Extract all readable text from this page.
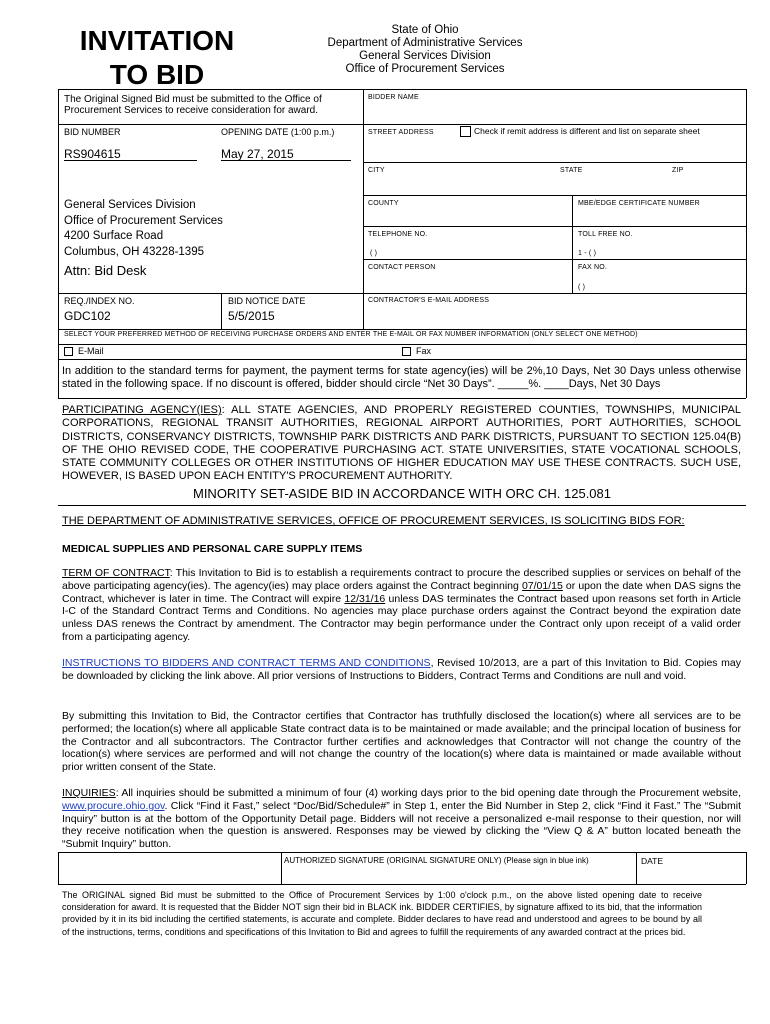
INVITATION
TO BID
State of Ohio
Department of Administrative Services
General Services Division
Office of Procurement Services
The Original Signed Bid must be submitted to the Office of Procurement Services to receive consideration for award.
BID NUMBER	OPENING DATE (1:00 p.m.)
RS904615	May 27, 2015
General Services Division
Office of Procurement Services
4200 Surface Road
Columbus, OH 43228-1395
Attn: Bid Desk
REQ./INDEX NO.	BID NOTICE DATE
GDC102	5/5/2015
BIDDER NAME
STREET ADDRESS	Check if remit address is different and list on separate sheet
CITY	STATE	ZIP
COUNTY	MBE/EDGE CERTIFICATE NUMBER
TELEPHONE NO.
( )
TOLL FREE NO.
1 - ( )
CONTACT PERSON	FAX NO.
( )
CONTRACTOR'S E-MAIL ADDRESS
SELECT YOUR PREFERRED METHOD OF RECEIVING PURCHASE ORDERS AND ENTER THE E-MAIL OR FAX NUMBER INFORMATION (ONLY SELECT ONE METHOD)
E-Mail	Fax
In addition to the standard terms for payment, the payment terms for state agency(ies) will be 2%,10 Days, Net 30 Days unless otherwise stated in the following space. If no discount is offered, bidder should circle “Net 30 Days”. _____%. ____Days, Net 30 Days
PARTICIPATING AGENCY(IES): ALL STATE AGENCIES, AND PROPERLY REGISTERED COUNTIES, TOWNSHIPS, MUNICIPAL CORPORATIONS, REGIONAL TRANSIT AUTHORITIES, REGIONAL AIRPORT AUTHORITIES, PORT AUTHORITIES, SCHOOL DISTRICTS, CONSERVANCY DISTRICTS, TOWNSHIP PARK DISTRICTS AND PARK DISTRICTS, PURSUANT TO SECTION 125.04(B) OF THE OHIO REVISED CODE, THE COOPERATIVE PURCHASING ACT. STATE UNIVERSITIES, STATE VOCATIONAL SCHOOLS, STATE COMMUNITY COLLEGES OR OTHER INSTITUTIONS OF HIGHER EDUCATION MAY USE THESE CONTRACTS. SUCH USE, HOWEVER, IS BASED UPON EACH ENTITY'S PROCUREMENT AUTHORITY.
MINORITY SET-ASIDE BID IN ACCORDANCE WITH ORC CH. 125.081
THE DEPARTMENT OF ADMINISTRATIVE SERVICES, OFFICE OF PROCUREMENT SERVICES, IS SOLICITING BIDS FOR:
MEDICAL SUPPLIES AND PERSONAL CARE SUPPLY ITEMS
TERM OF CONTRACT: This Invitation to Bid is to establish a requirements contract to procure the described supplies or services on behalf of the above participating agency(ies). The agency(ies) may place orders against the Contract beginning 07/01/15 or upon the date when DAS signs the Contract, whichever is later in time. The Contract will expire 12/31/16 unless DAS terminates the Contract based upon reasons set forth in Article I-C of the Standard Contract Terms and Conditions. No agencies may place purchase orders against the Contract beyond the expiration date unless DAS renews the Contract by amendment. The Contractor may begin performance under the Contract only upon receipt of a valid order from a participating agency.
INSTRUCTIONS TO BIDDERS AND CONTRACT TERMS AND CONDITIONS, Revised 10/2013, are a part of this Invitation to Bid. Copies may be downloaded by clicking the link above. All prior versions of Instructions to Bidders, Contract Terms and Conditions are null and void.
By submitting this Invitation to Bid, the Contractor certifies that Contractor has truthfully disclosed the location(s) where all services are to be performed; the location(s) where all applicable State contract data is to be maintained or made available; and the principal location of business for the Contractor and all subcontractors. The Contractor further certifies and acknowledges that Contractor will not change the country of the location(s) where services are performed and will not change the country of the location(s) where data is maintained or made available without prior written consent of the State.
INQUIRIES: All inquiries should be submitted a minimum of four (4) working days prior to the bid opening date through the Procurement website, www.procure.ohio.gov. Click “Find it Fast,” select “Doc/Bid/Schedule#” in Step 1, enter the Bid Number in Step 2, click “Find it Fast.” The “Submit Inquiry” button is at the bottom of the Opportunity Detail page. Bidders will not receive a personalized e-mail response to their question, nor will they receive notification when the question is answered. Responses may be viewed by clicking the “View Q & A” button located beneath the “Submit Inquiry” button.
AUTHORIZED SIGNATURE (ORIGINAL SIGNATURE ONLY) (Please sign in blue ink)	DATE
The ORIGINAL signed Bid must be submitted to the Office of Procurement Services by 1:00 o'clock p.m., on the above listed opening date to receive consideration for award. It is requested that the Bidder NOT sign their bid in BLACK ink. BIDDER CERTIFIES, by signature affixed to its bid, that the information provided by it in its bid including the certified statements, is accurate and complete. Bidder declares to have read and understood and agrees to be bound by all of the instructions, terms, conditions and specifications of this Invitation to Bid and agrees to fulfill the requirements of any awarded contract at the prices bid.
